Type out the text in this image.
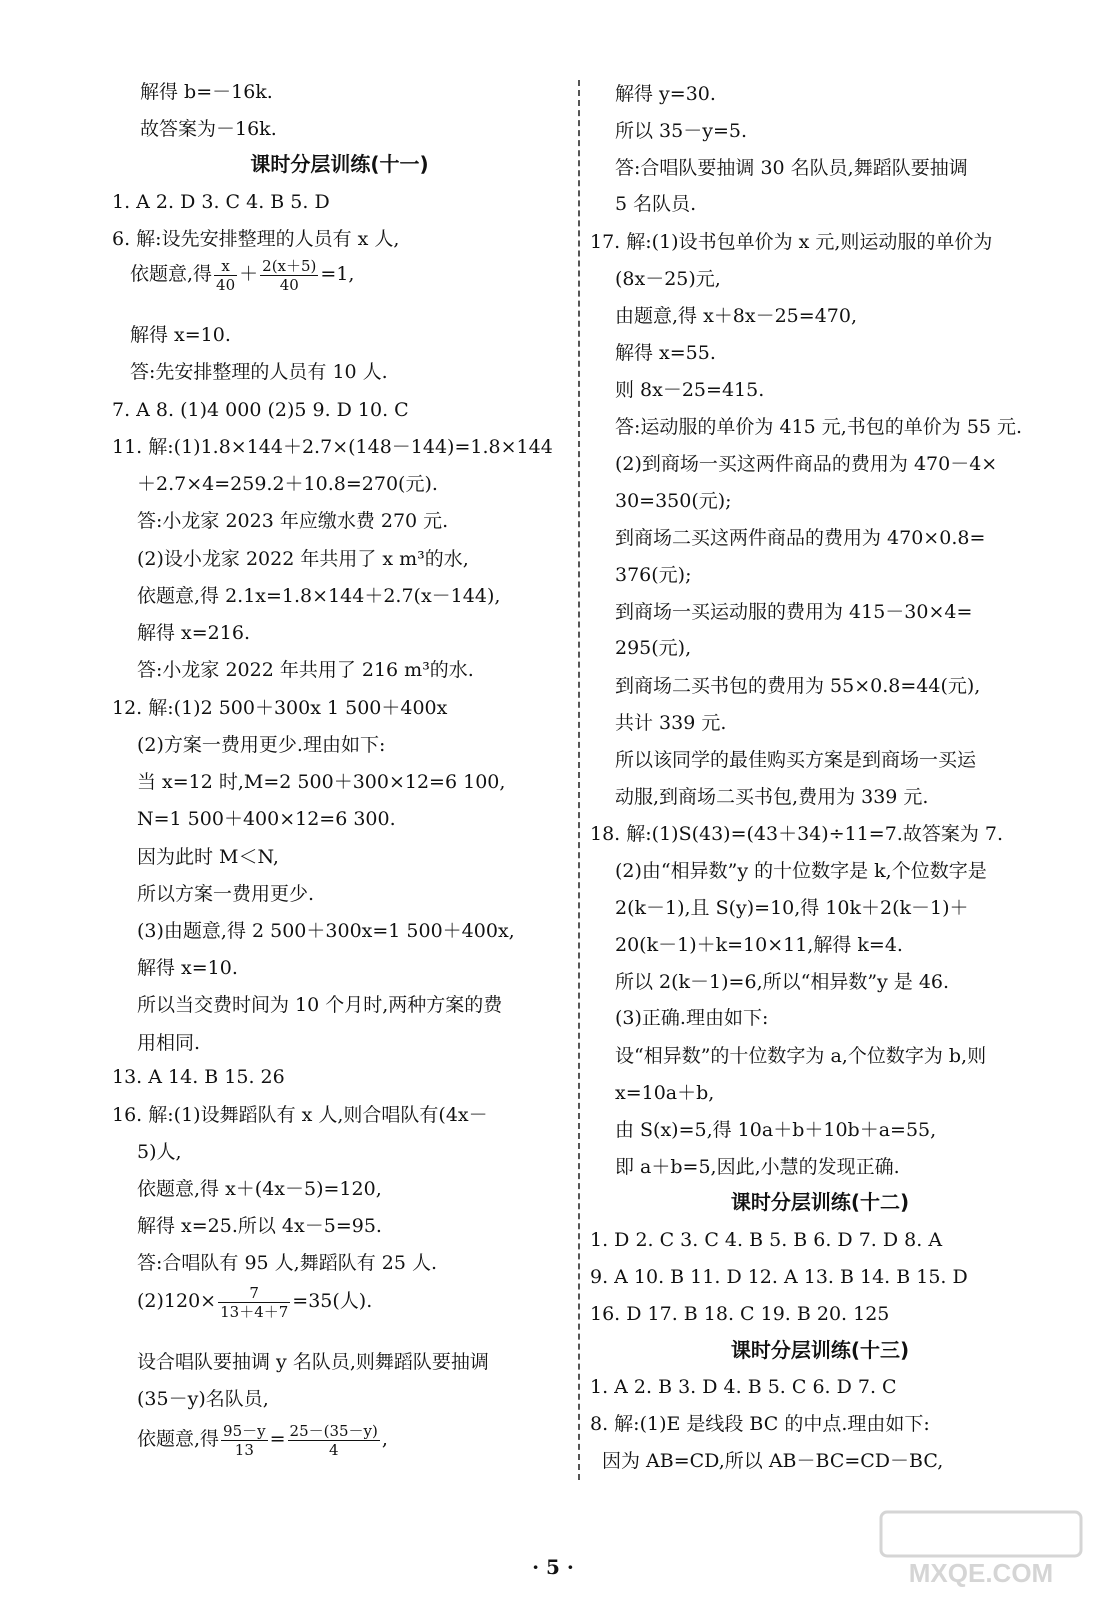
解得 b=－16k.
故答案为－16k.
课时分层训练(十一)
1. A 2. D 3. C 4. B 5. D
6. 解:设先安排整理的人员有 x 人,
依题意,得 $\frac{x}{40} + \frac{2(x+5)}{40} =1$,
解得 x=10.
答:先安排整理的人员有 10 人.
7. A 8. (1)4 000 (2)5 9. D 10. C
11. 解:(1)1.8×144＋2.7×(148－144)=1.8×144
＋2.7×4=259.2＋10.8=270(元).
答:小龙家 2023 年应缴水费 270 元.
(2)设小龙家 2022 年共用了 x m³的水,
依题意,得 2.1x=1.8×144＋2.7(x－144),
解得 x=216.
答:小龙家 2022 年共用了 216 m³的水.
12. 解:(1)2 500＋300x 1 500＋400x
(2)方案一费用更少.理由如下:
当 x=12 时,M=2 500＋300×12=6 100,
N=1 500＋400×12=6 300.
因为此时 M＜N,
所以方案一费用更少.
(3)由题意,得 2 500＋300x=1 500＋400x,
解得 x=10.
所以当交费时间为 10 个月时,两种方案的费
用相同.
13. A 14. B 15. 26
16. 解:(1)设舞蹈队有 x 人,则合唱队有(4x－
5)人,
依题意,得 x＋(4x－5)=120,
解得 x=25.所以 4x－5=95.
答:合唱队有 95 人,舞蹈队有 25 人.
$(2)120\times \frac{7}{13+4+7} =35$(人).
设合唱队要抽调 y 名队员,则舞蹈队要抽调
(35－y)名队员,
依题意,得 $\frac{95-y}{13} = \frac{25-(35-y)}{4}$ ,
解得 y=30.
所以 35－y=5.
答:合唱队要抽调 30 名队员,舞蹈队要抽调
5 名队员.
17. 解:(1)设书包单价为 x 元,则运动服的单价为
(8x－25)元,
由题意,得 x＋8x－25=470,
解得 x=55.
则 8x－25=415.
答:运动服的单价为 415 元,书包的单价为 55 元.
(2)到商场一买这两件商品的费用为 470－4×
30=350(元);
到商场二买这两件商品的费用为 470×0.8=
376(元);
到商场一买运动服的费用为 415－30×4=
295(元),
到商场二买书包的费用为 55×0.8=44(元),
共计 339 元.
所以该同学的最佳购买方案是到商场一买运
动服,到商场二买书包,费用为 339 元.
18. 解:(1)S(43)=(43＋34)÷11=7.故答案为 7.
(2)由“相异数”y 的十位数字是 k,个位数字是
2(k－1),且 S(y)=10,得 10k＋2(k－1)＋
20(k－1)＋k=10×11,解得 k=4.
所以 2(k－1)=6,所以“相异数”y 是 46.
(3)正确.理由如下:
设“相异数”的十位数字为 a,个位数字为 b,则
x=10a＋b,
由 S(x)=5,得 10a＋b＋10b＋a=55,
即 a＋b=5,因此,小慧的发现正确.
课时分层训练(十二)
1. D 2. C 3. C 4. B 5. B 6. D 7. D 8. A
9. A 10. B 11. D 12. A 13. B 14. B 15. D
16. D 17. B 18. C 19. B 20. 125
课时分层训练(十三)
1. A 2. B 3. D 4. B 5. C 6. D 7. C
8. 解:(1)E 是线段 BC 的中点.理由如下:
因为 AB=CD,所以 AB－BC=CD－BC,
· 5 ·	MXQE.COM
